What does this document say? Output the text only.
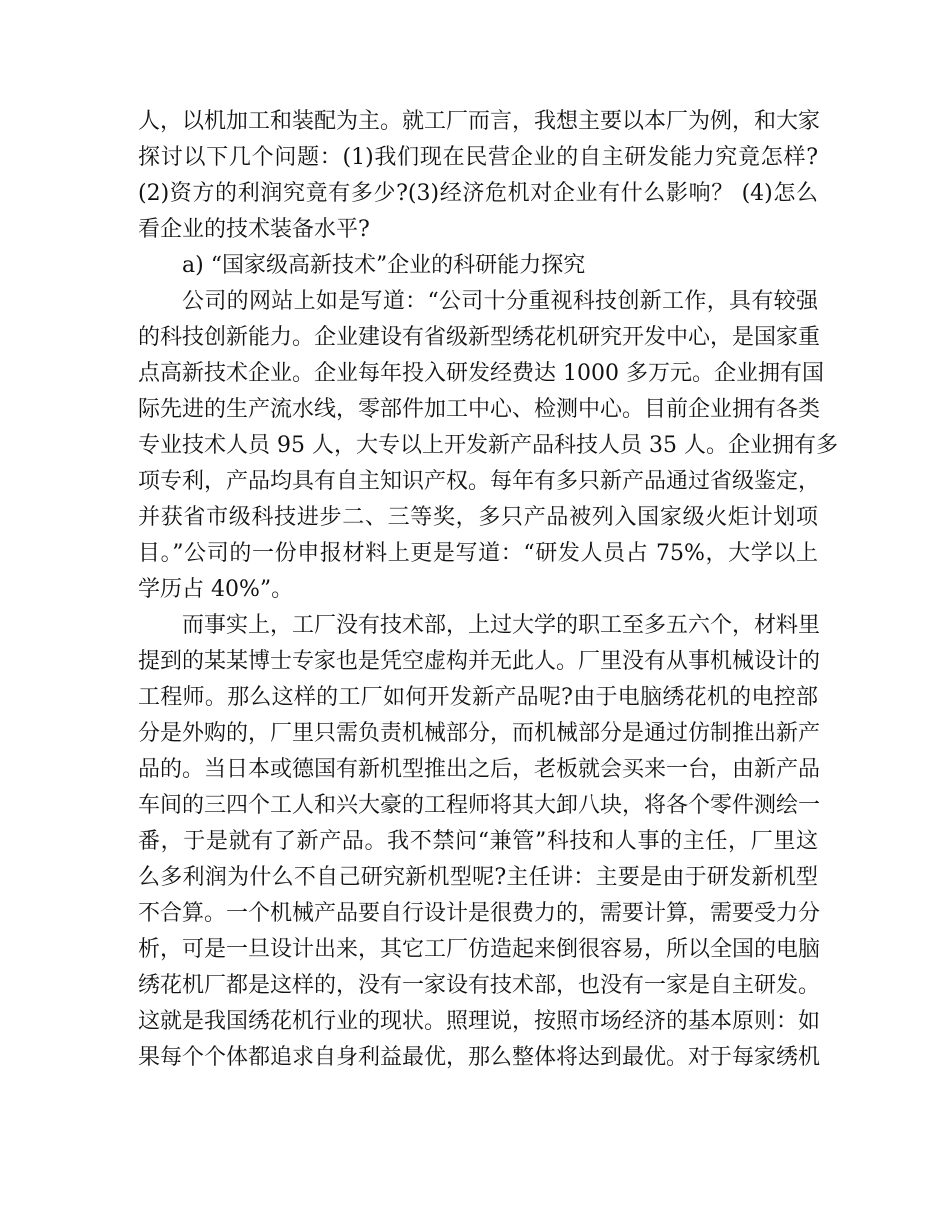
人，以机加工和装配为主。就工厂而言，我想主要以本厂为例，和大家
探讨以下几个问题：(1)我们现在民营企业的自主研发能力究竟怎样?
(2)资方的利润究竟有多少?(3)经济危机对企业有什么影响？ (4)怎么
看企业的技术装备水平?

a) “国家级高新技术”企业的科研能力探究

公司的网站上如是写道：“公司十分重视科技创新工作，具有较强
的科技创新能力。企业建设有省级新型绣花机研究开发中心，是国家重
点高新技术企业。企业每年投入研发经费达 1000 多万元。企业拥有国
际先进的生产流水线，零部件加工中心、检测中心。目前企业拥有各类
专业技术人员 95 人，大专以上开发新产品科技人员 35 人。企业拥有多
项专利，产品均具有自主知识产权。每年有多只新产品通过省级鉴定，
并获省市级科技进步二、三等奖，多只产品被列入国家级火炬计划项
目。”公司的一份申报材料上更是写道：“研发人员占 75%，大学以上
学历占 40%”。

而事实上，工厂没有技术部，上过大学的职工至多五六个，材料里
提到的某某博士专家也是凭空虚构并无此人。厂里没有从事机械设计的
工程师。那么这样的工厂如何开发新产品呢?由于电脑绣花机的电控部
分是外购的，厂里只需负责机械部分，而机械部分是通过仿制推出新产
品的。当日本或德国有新机型推出之后，老板就会买来一台，由新产品
车间的三四个工人和兴大豪的工程师将其大卸八块，将各个零件测绘一
番，于是就有了新产品。我不禁问“兼管”科技和人事的主任，厂里这
么多利润为什么不自己研究新机型呢?主任讲：主要是由于研发新机型
不合算。一个机械产品要自行设计是很费力的，需要计算，需要受力分
析，可是一旦设计出来，其它工厂仿造起来倒很容易，所以全国的电脑
绣花机厂都是这样的，没有一家设有技术部，也没有一家是自主研发。
这就是我国绣花机行业的现状。照理说，按照市场经济的基本原则：如
果每个个体都追求自身利益最优，那么整体将达到最优。对于每家绣机
